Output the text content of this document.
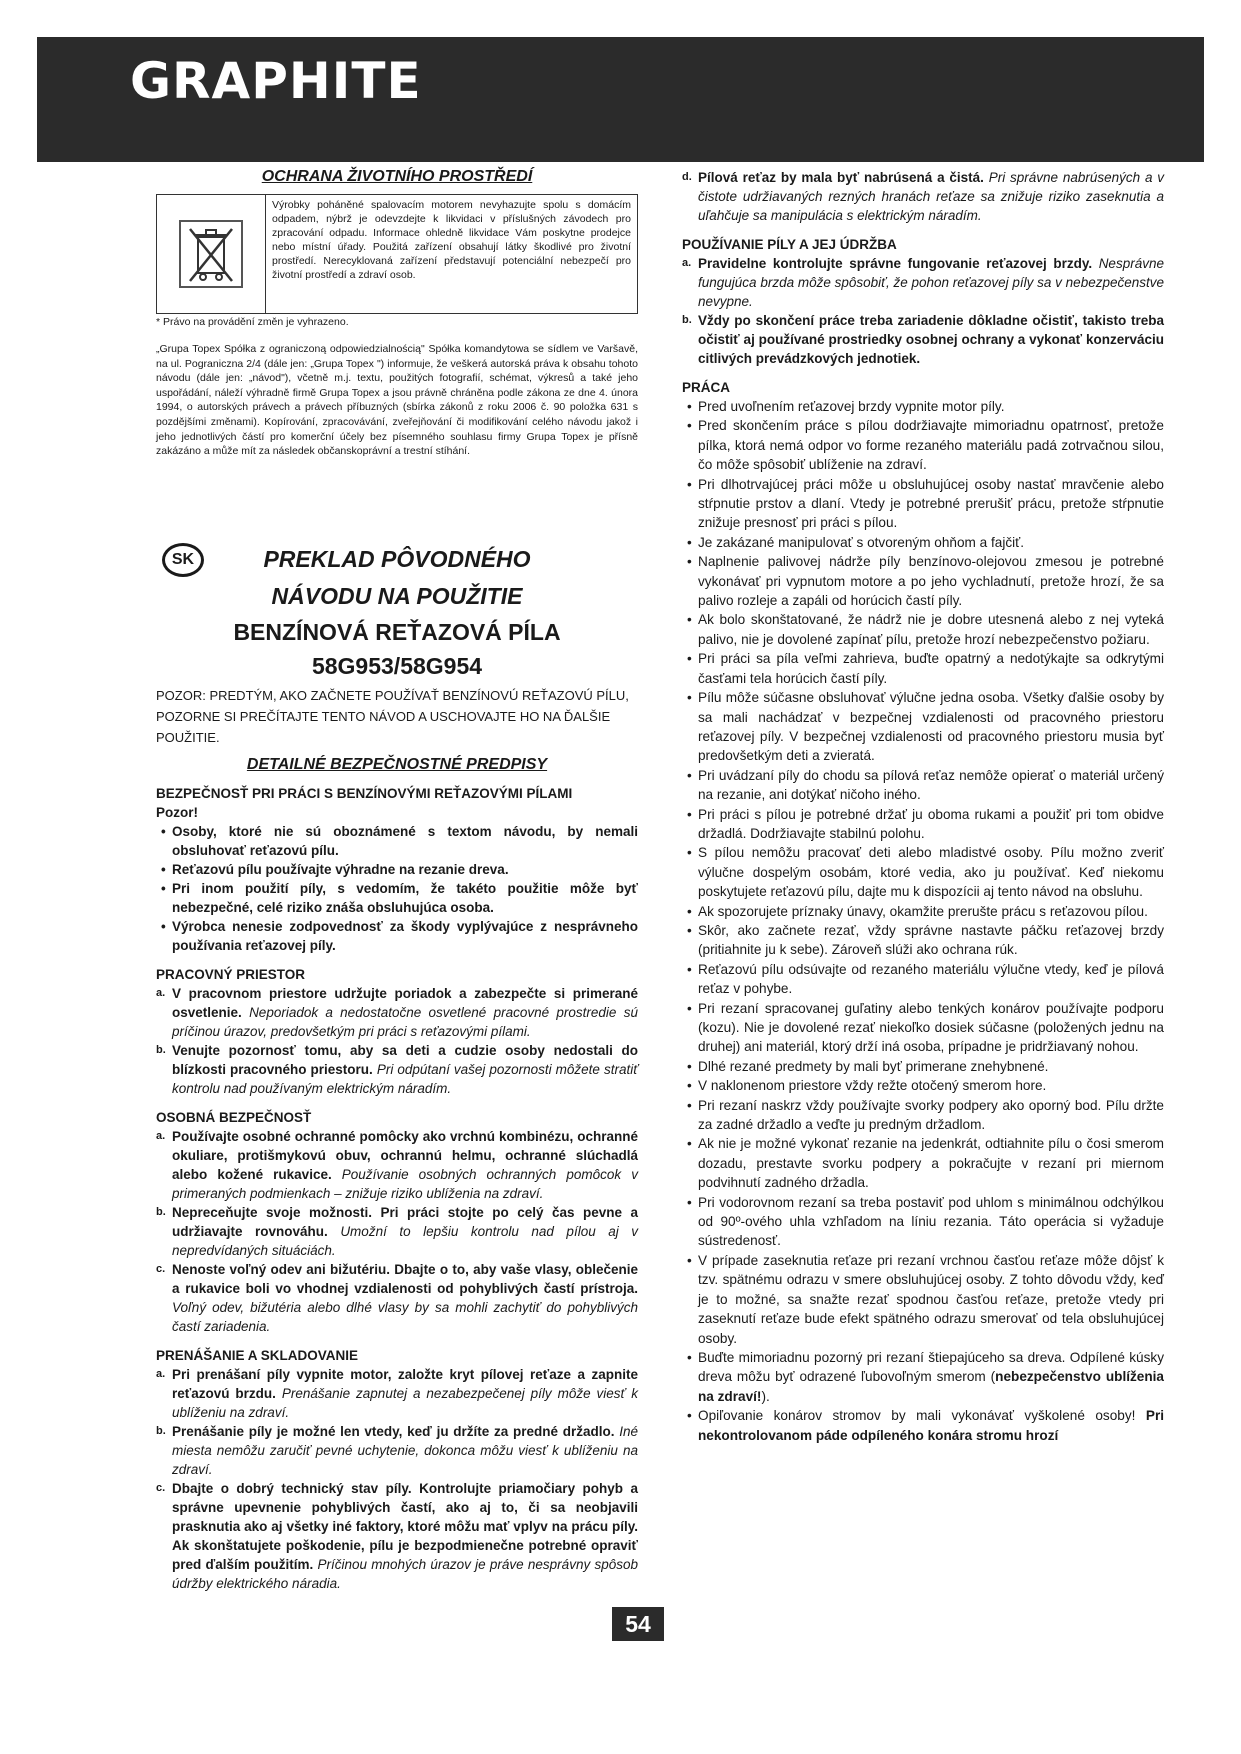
GRAPHITE
OCHRANA ŽIVOTNÍHO PROSTŘEDÍ
Výrobky poháněné spalovacím motorem nevyhazujte spolu s domácím odpadem, nýbrž je odevzdejte k likvidaci v příslušných závodech pro zpracování odpadu. Informace ohledně likvidace Vám poskytne prodejce nebo místní úřady. Použitá zařízení obsahují látky škodlivé pro životní prostředí. Nerecyklovaná zařízení představují potenciální nebezpečí pro životní prostředí a zdraví osob.
* Právo na provádění změn je vyhrazeno.
„Grupa Topex Spółka z ograniczoną odpowiedzialnością" Spółka komandytowa se sídlem ve Varšavě, na ul. Pograniczna 2/4 (dále jen: „Grupa Topex ") informuje, že veškerá autorská práva k obsahu tohoto návodu (dále jen: „návod"), včetně m.j. textu, použitých fotografií, schémat, výkresů a také jeho uspořádání, náleží výhradně firmě Grupa Topex a jsou právně chráněna podle zákona ze dne 4. února 1994, o autorských právech a právech příbuzných (sbírka zákonů z roku 2006 č. 90 položka 631 s pozdějšími změnami). Kopírování, zpracovávání, zveřejňování či modifikování celého návodu jakož i jeho jednotlivých částí pro komerční účely bez písemného souhlasu firmy Grupa Topex je přísně zakázáno a může mít za následek občanskoprávní a trestní stíhání.
SK	PREKLAD PÔVODNÉHO
NÁVODU NA POUŽITIE
BENZÍNOVÁ REŤAZOVÁ PÍLA
58G953/58G954
POZOR: PREDTÝM, AKO ZAČNETE POUŽÍVAŤ BENZÍNOVÚ REŤAZOVÚ PÍLU, POZORNE SI PREČÍTAJTE TENTO NÁVOD A USCHOVAJTE HO NA ĎALŠIE POUŽITIE.
DETAILNÉ BEZPEČNOSTNÉ PREDPISY
BEZPEČNOSŤ PRI PRÁCI S BENZÍNOVÝMI REŤAZOVÝMI PÍLAMI
Pozor!
• Osoby, ktoré nie sú oboznámené s textom návodu, by nemali obsluhovať reťazovú pílu.
• Reťazovú pílu používajte výhradne na rezanie dreva.
• Pri inom použití píly, s vedomím, že takéto použitie môže byť nebezpečné, celé riziko znáša obsluhujúca osoba.
• Výrobca nenesie zodpovednosť za škody vyplývajúce z nesprávneho používania reťazovej píly.
PRACOVNÝ PRIESTOR
a. V pracovnom priestore udržujte poriadok a zabezpečte si primerané osvetlenie. Neporiadok a nedostatočne osvetlené pracovné prostredie sú príčinou úrazov, predovšetkým pri práci s reťazovými pílami.
b. Venujte pozornosť tomu, aby sa deti a cudzie osoby nedostali do blízkosti pracovného priestoru. Pri odpútaní vašej pozornosti môžete stratiť kontrolu nad používaným elektrickým náradím.
OSOBNÁ BEZPEČNOSŤ
a. Používajte osobné ochranné pomôcky ako vrchnú kombinézu, ochranné okuliare, protišmykovú obuv, ochrannú helmu, ochranné slúchadlá alebo kožené rukavice. Používanie osobných ochranných pomôcok v primeraných podmienkach – znižuje riziko ublíženia na zdraví.
b. Nepreceňujte svoje možnosti. Pri práci stojte po celý čas pevne a udržiavajte rovnováhu. Umožní to lepšiu kontrolu nad pílou aj v nepredvídaných situáciách.
c. Nenoste voľný odev ani bižutériu. Dbajte o to, aby vaše vlasy, oblečenie a rukavice boli vo vhodnej vzdialenosti od pohyblivých častí prístroja. Voľný odev, bižutéria alebo dlhé vlasy by sa mohli zachytiť do pohyblivých častí zariadenia.
PRENÁŠANIE A SKLADOVANIE
a. Pri prenášaní píly vypnite motor, založte kryt pílovej reťaze a zapnite reťazovú brzdu. Prenášanie zapnutej a nezabezpečenej píly môže viesť k ublíženiu na zdraví.
b. Prenášanie píly je možné len vtedy, keď ju držíte za predné držadlo. Iné miesta nemôžu zaručiť pevné uchytenie, dokonca môžu viesť k ublíženiu na zdraví.
c. Dbajte o dobrý technický stav píly. Kontrolujte priamočiary pohyb a správne upevnenie pohyblivých častí, ako aj to, či sa neobjavili prasknutia ako aj všetky iné faktory, ktoré môžu mať vplyv na prácu píly. Ak skonštatujete poškodenie, pílu je bezpodmienečne potrebné opraviť pred ďalším použitím. Príčinou mnohých úrazov je práve nesprávny spôsob údržby elektrického náradia.
d. Pílová reťaz by mala byť nabrúsená a čistá. Pri správne nabrúsených a v čistote udržiavaných rezných hranách reťaze sa znižuje riziko zaseknutia a uľahčuje sa manipulácia s elektrickým náradím.
POUŽÍVANIE PÍLY A JEJ ÚDRŽBA
a. Pravidelne kontrolujte správne fungovanie reťazovej brzdy. Nesprávne fungujúca brzda môže spôsobiť, že pohon reťazovej píly sa v nebezpečenstve nevypne.
b. Vždy po skončení práce treba zariadenie dôkladne očistiť, takisto treba očistiť aj používané prostriedky osobnej ochrany a vykonať konzerváciu citlivých prevádzkových jednotiek.
PRÁCA
• Pred uvoľnením reťazovej brzdy vypnite motor píly.
• Pred skončením práce s pílou dodržiavajte mimoriadnu opatrnosť, pretože pílka, ktorá nemá odpor vo forme rezaného materiálu padá zotrvačnou silou, čo môže spôsobiť ublíženie na zdraví.
• Pri dlhotrvajúcej práci môže u obsluhujúcej osoby nastať mravčenie alebo stŕpnutie prstov a dlaní. Vtedy je potrebné prerušiť prácu, pretože stŕpnutie znižuje presnosť pri práci s pílou.
• Je zakázané manipulovať s otvoreným ohňom a fajčiť.
• Naplnenie palivovej nádrže píly benzínovo-olejovou zmesou je potrebné vykonávať pri vypnutom motore a po jeho vychladnutí, pretože hrozí, že sa palivo rozleje a zapáli od horúcich častí píly.
• Ak bolo skonštatované, že nádrž nie je dobre utesnená alebo z nej vyteká palivo, nie je dovolené zapínať pílu, pretože hrozí nebezpečenstvo požiaru.
• Pri práci sa píla veľmi zahrieva, buďte opatrný a nedotýkajte sa odkrytými časťami tela horúcich častí píly.
• Pílu môže súčasne obsluhovať výlučne jedna osoba. Všetky ďalšie osoby by sa mali nachádzať v bezpečnej vzdialenosti od pracovného priestoru reťazovej píly. V bezpečnej vzdialenosti od pracovného priestoru musia byť predovšetkým deti a zvieratá.
• Pri uvádzaní píly do chodu sa pílová reťaz nemôže opierať o materiál určený na rezanie, ani dotýkať ničoho iného.
• Pri práci s pílou je potrebné držať ju oboma rukami a použiť pri tom obidve držadlá. Dodržiavajte stabilnú polohu.
• S pílou nemôžu pracovať deti alebo mladistvé osoby. Pílu možno zveriť výlučne dospelým osobám, ktoré vedia, ako ju používať. Keď niekomu poskytujete reťazovú pílu, dajte mu k dispozícii aj tento návod na obsluhu.
• Ak spozorujete príznaky únavy, okamžite prerušte prácu s reťazovou pílou.
• Skôr, ako začnete rezať, vždy správne nastavte páčku reťazovej brzdy (pritiahnite ju k sebe). Zároveň slúži ako ochrana rúk.
• Reťazovú pílu odsúvajte od rezaného materiálu výlučne vtedy, keď je pílová reťaz v pohybe.
• Pri rezaní spracovanej guľatiny alebo tenkých konárov používajte podporu (kozu). Nie je dovolené rezať niekoľko dosiek súčasne (položených jednu na druhej) ani materiál, ktorý drží iná osoba, prípadne je pridržiavaný nohou.
• Dlhé rezané predmety by mali byť primerane znehybnené.
• V naklonenom priestore vždy režte otočený smerom hore.
• Pri rezaní naskrz vždy používajte svorky podpery ako oporný bod. Pílu držte za zadné držadlo a veďte ju predným držadlom.
• Ak nie je možné vykonať rezanie na jedenkrát, odtiahnite pílu o čosi smerom dozadu, prestavte svorku podpery a pokračujte v rezaní pri miernom podvihnutí zadného držadla.
• Pri vodorovnom rezaní sa treba postaviť pod uhlom s minimálnou odchýlkou od 90º-ového uhla vzhľadom na líniu rezania. Táto operácia si vyžaduje sústredenosť.
• V prípade zaseknutia reťaze pri rezaní vrchnou časťou reťaze môže dôjsť k tzv. spätnému odrazu v smere obsluhujúcej osoby. Z tohto dôvodu vždy, keď je to možné, sa snažte rezať spodnou časťou reťaze, pretože vtedy pri zaseknutí reťaze bude efekt spätného odrazu smerovať od tela obsluhujúcej osoby.
• Buďte mimoriadnu pozorný pri rezaní štiepajúceho sa dreva. Odpílené kúsky dreva môžu byť odrazené ľubovoľným smerom (nebezpečenstvo ublíženia na zdraví!).
• Opiľovanie konárov stromov by mali vykonávať vyškolené osoby! Pri nekontrolovanom páde odpíleného konára stromu hrozí
54
